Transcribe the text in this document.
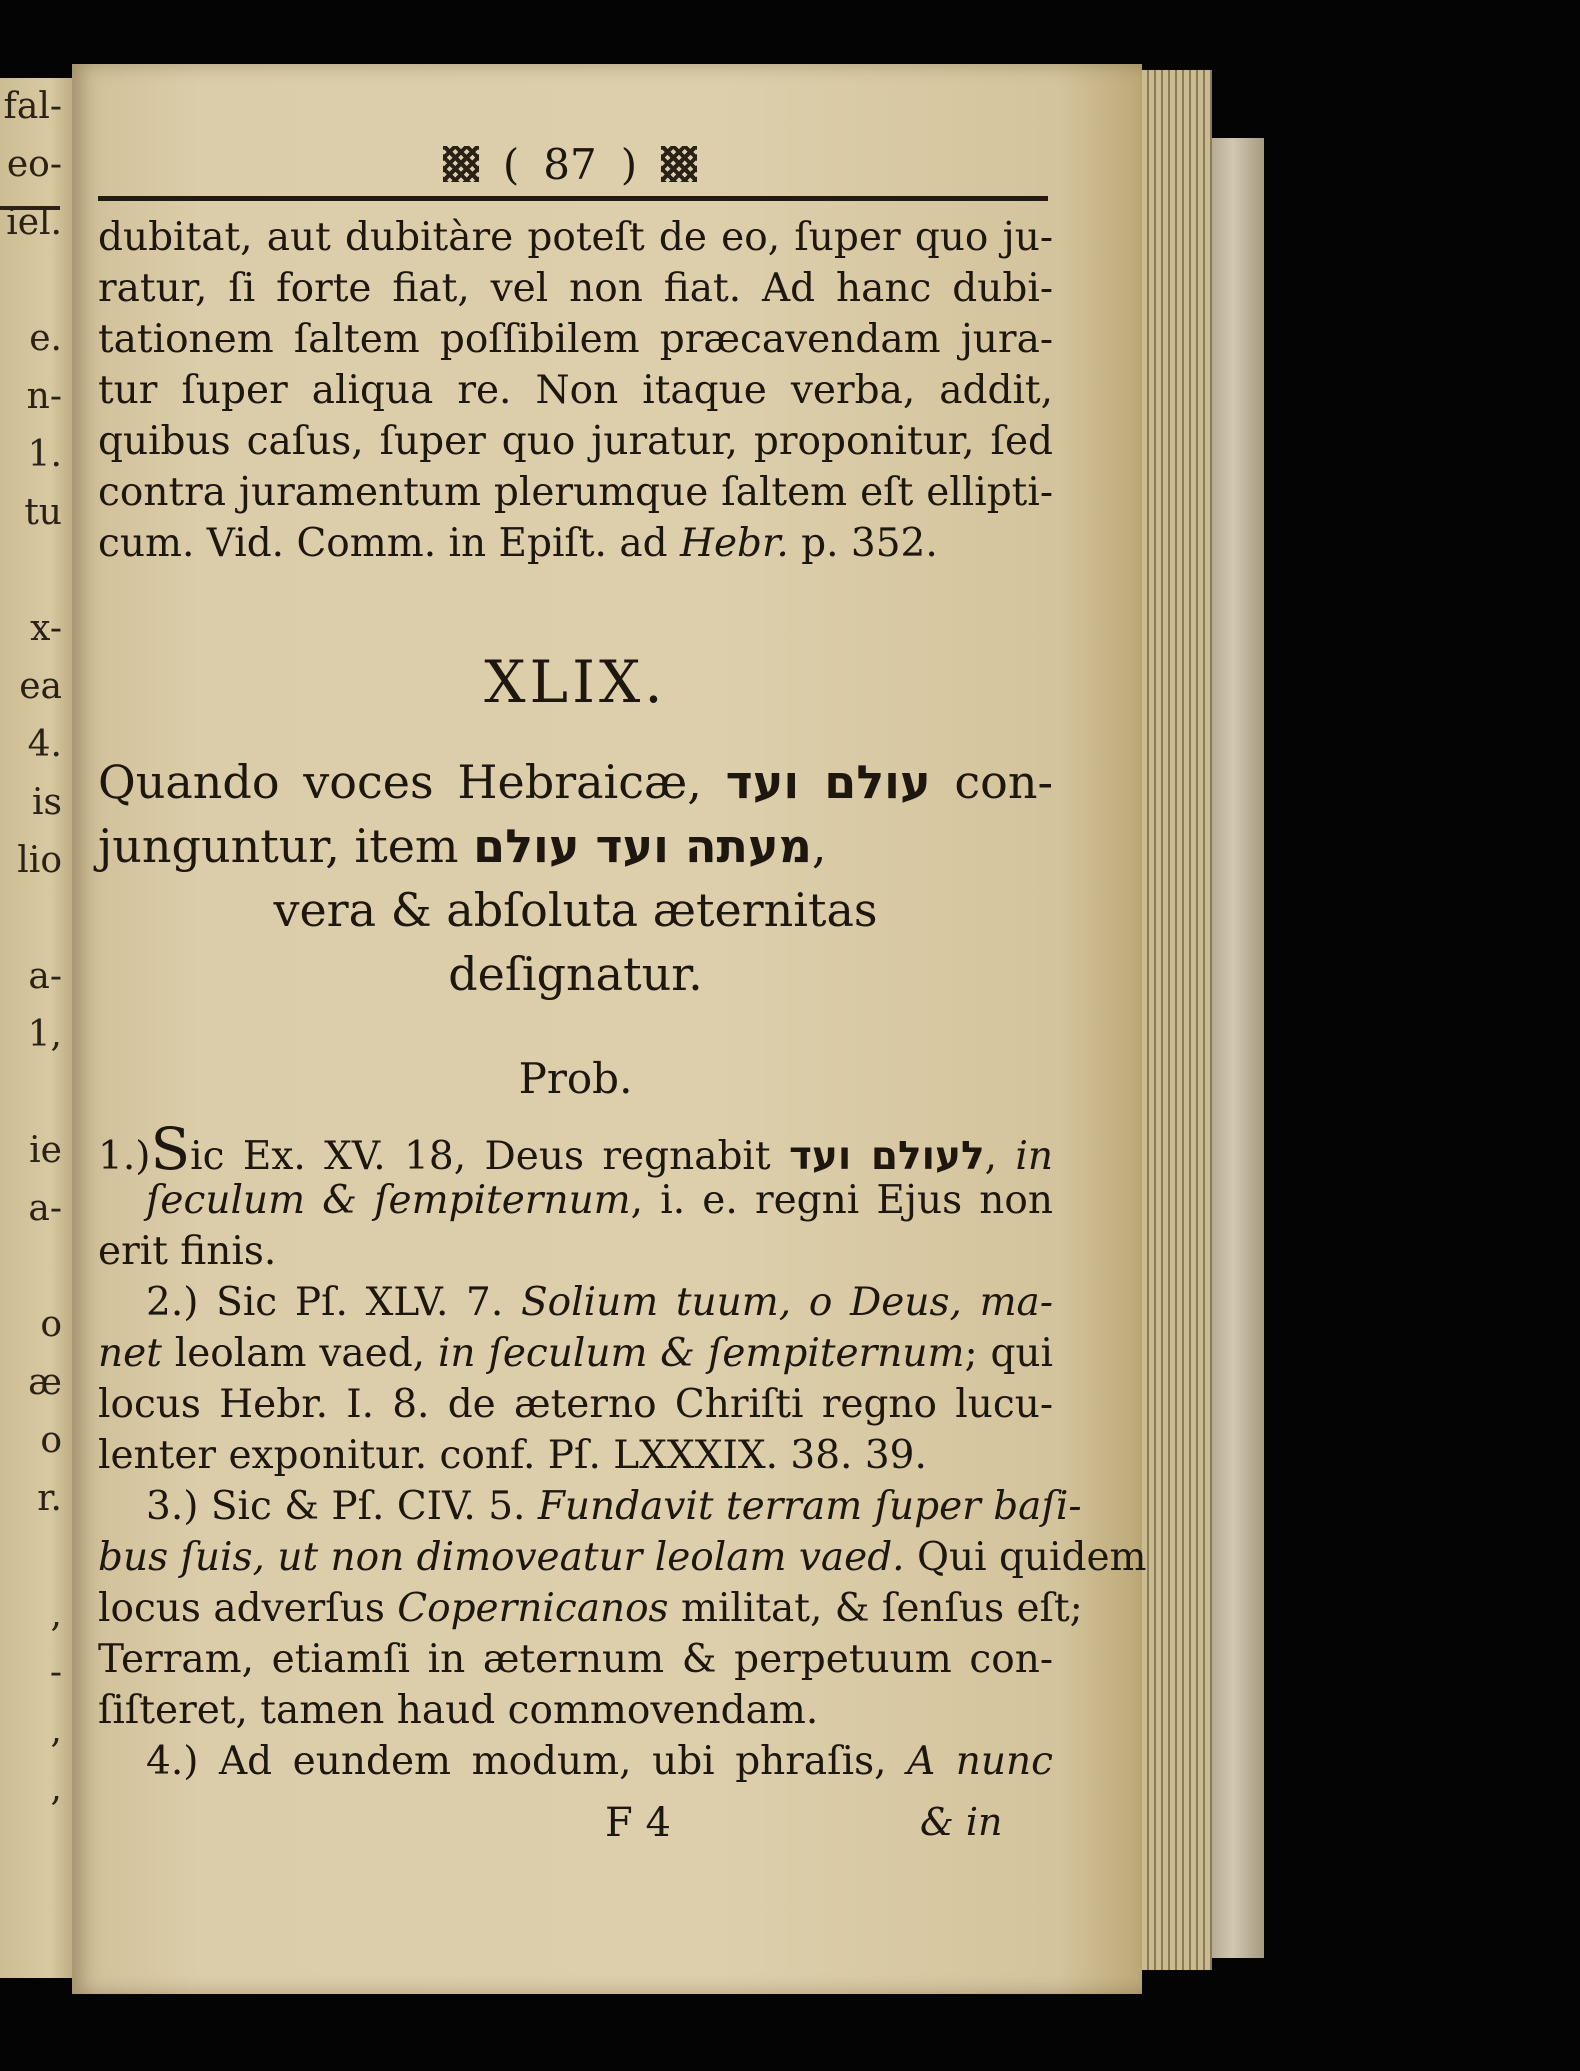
fal-
eo-
iel.

e.
n-
1.
tu

x-
ea
4.
is
lio

a-
1,

ie
a-

o
æ
o
r.

,
-
,
,
( 87 )
dubitat, aut dubitàre poteſt de eo, ſuper quo ju-
ratur, ſi forte fiat, vel non fiat. Ad hanc dubi-
tationem ſaltem poſſibilem præcavendam jura-
tur ſuper aliqua re. Non itaque verba, addit,
quibus caſus, ſuper quo juratur, proponitur, ſed
contra juramentum plerumque ſaltem eſt ellipti-
cum. Vid. Comm. in Epiſt. ad Hebr. p. 352.
XLIX.
Quando voces Hebraicæ, עולם ועד con-
junguntur, item מעתה ועד עולם,
vera & abſoluta æternitas
deſignatur.
Prob.
1.)Sic Ex. XV. 18, Deus regnabit לעולם ועד, in
ſeculum & ſempiternum, i. e. regni Ejus non
erit finis.
2.) Sic Pſ. XLV. 7. Solium tuum, o Deus, ma-
net leolam vaed, in ſeculum & ſempiternum; qui
locus Hebr. I. 8. de æterno Chriſti regno lucu-
lenter exponitur. conf. Pſ. LXXXIX. 38. 39.
3.) Sic & Pſ. CIV. 5. Fundavit terram ſuper baſi-
bus ſuis, ut non dimoveatur leolam vaed. Qui quidem
locus adverſus Copernicanos militat, & ſenſus eſt;
Terram, etiamſi in æternum & perpetuum con-
ſiſteret, tamen haud commovendam.
4.) Ad eundem modum, ubi phraſis, A nunc
F 4	& in
